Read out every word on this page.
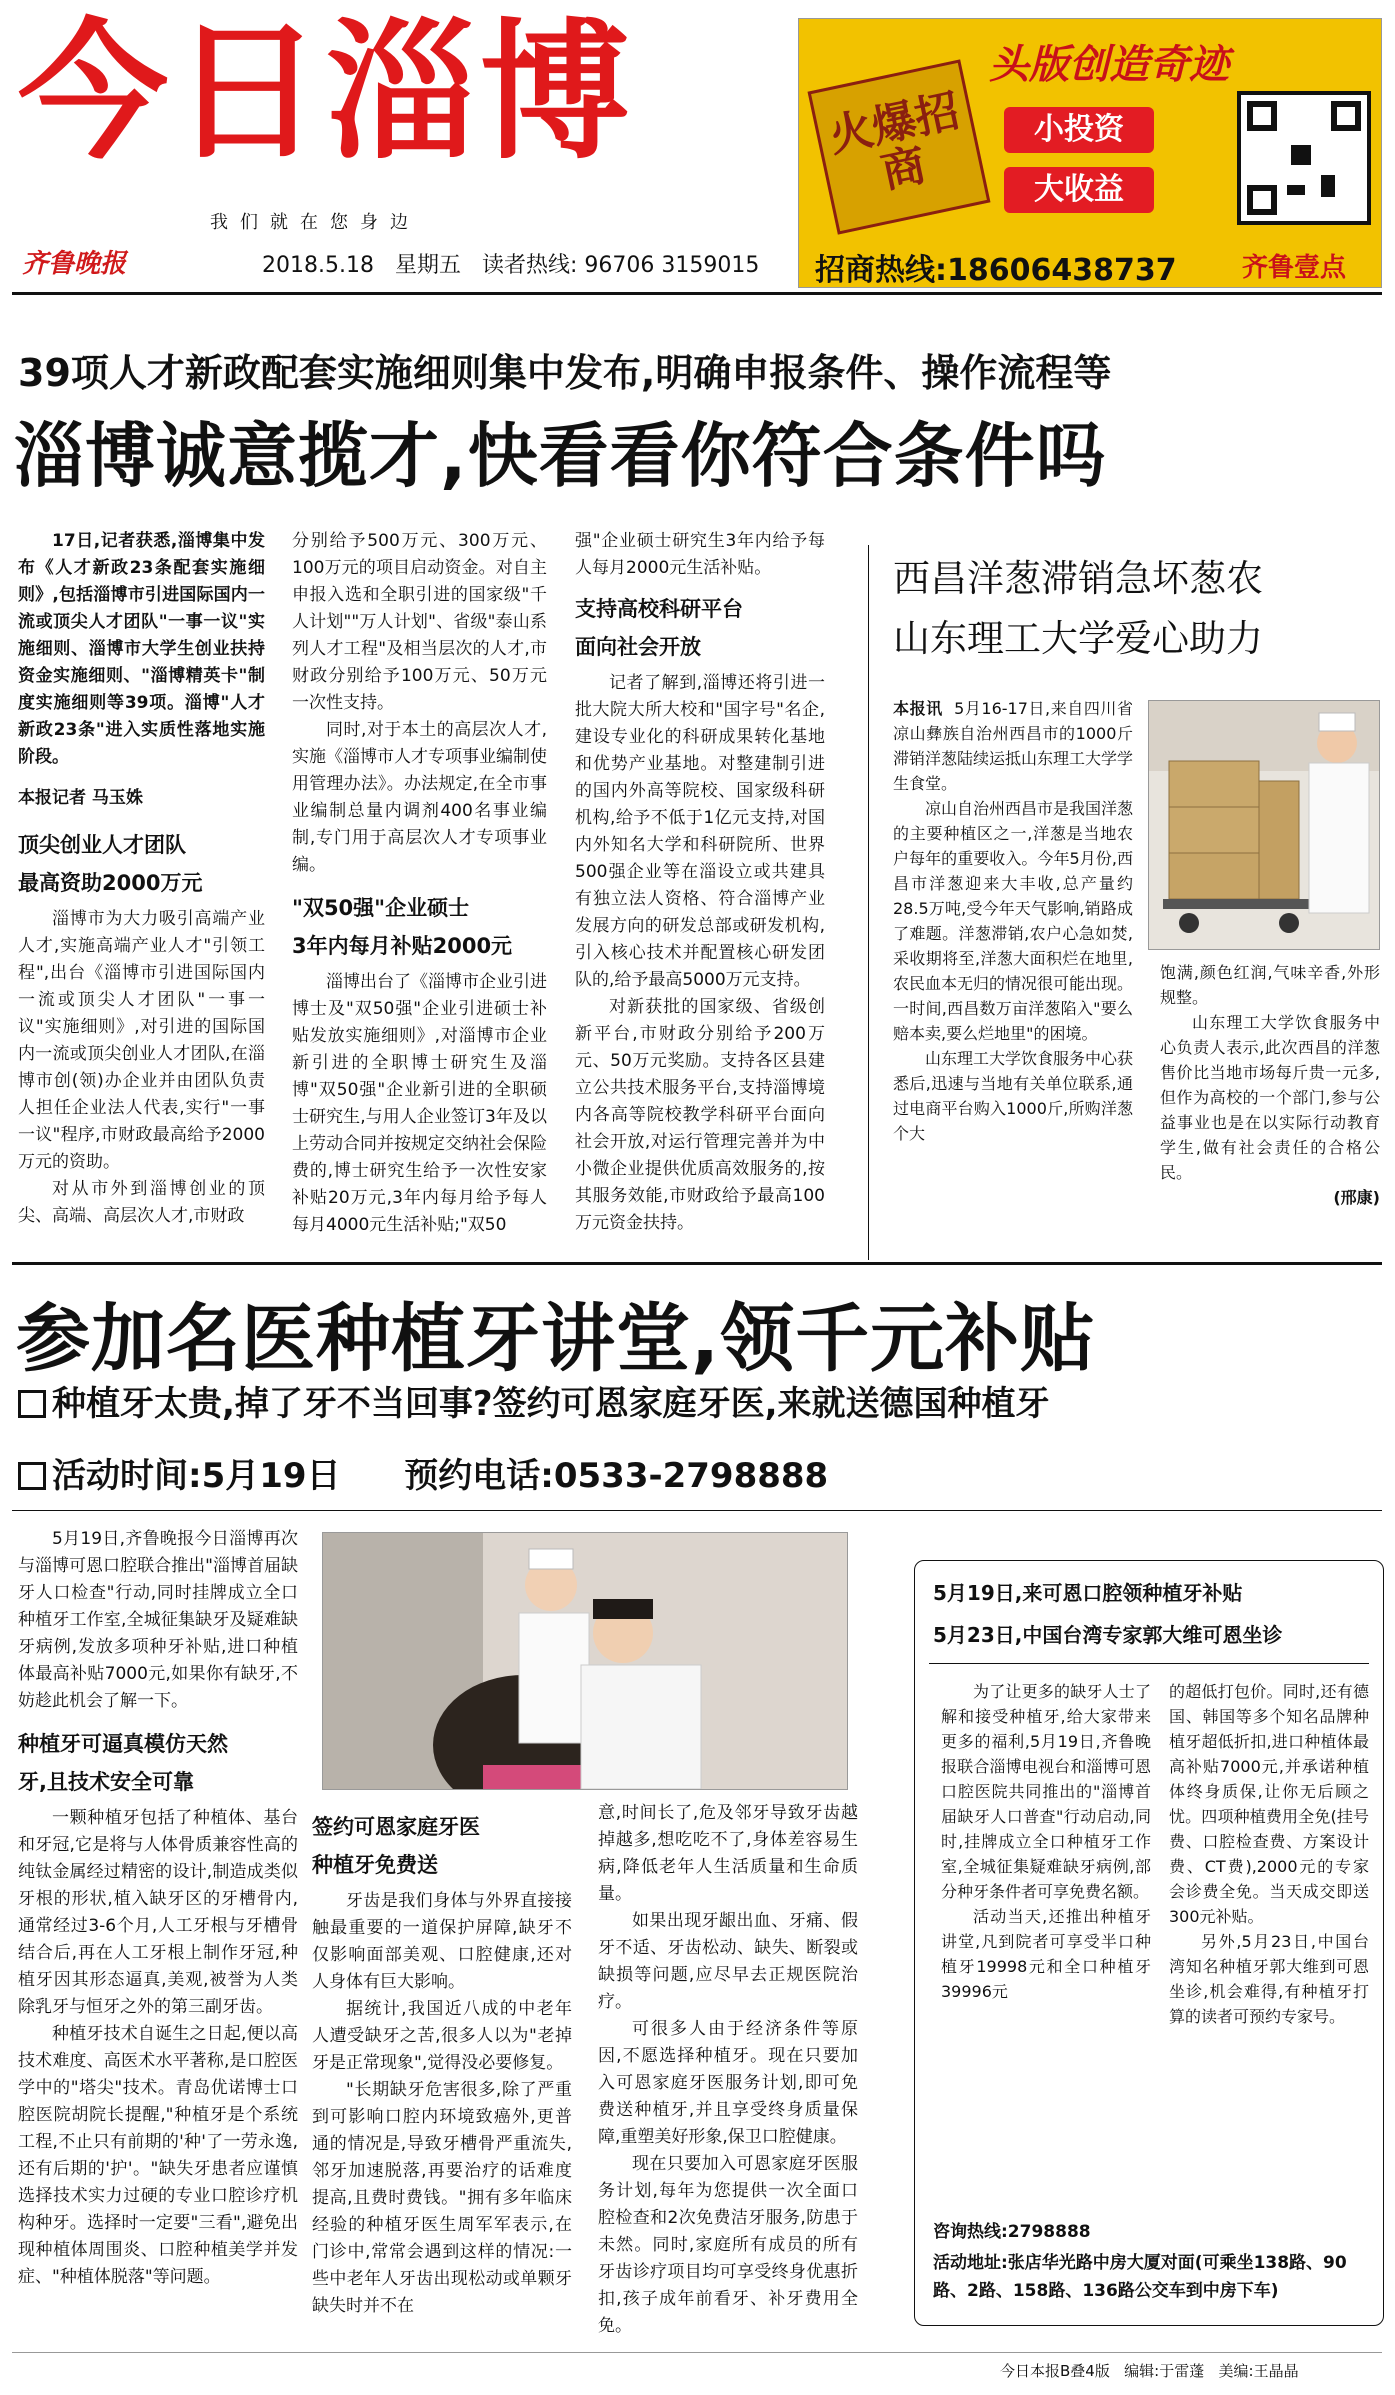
今日淄博
我们就在您身边
齐鲁晚报	2018.5.18 星期五 读者热线: 96706 3159015
头版创造奇迹
火爆招商
小投资
大收益
招商热线:18606438737	齐鲁壹点
39项人才新政配套实施细则集中发布,明确申报条件、操作流程等
淄博诚意揽才,快看看你符合条件吗

17日,记者获悉,淄博集中发布《人才新政23条配套实施细则》,包括淄博市引进国际国内一流或顶尖人才团队"一事一议"实施细则、淄博市大学生创业扶持资金实施细则、"淄博精英卡"制度实施细则等39项。淄博"人才新政23条"进入实质性落地实施阶段。

本报记者 马玉姝
顶尖创业人才团队
最高资助2000万元

淄博市为大力吸引高端产业人才,实施高端产业人才"引领工程",出台《淄博市引进国际国内一流或顶尖人才团队"一事一议"实施细则》,对引进的国际国内一流或顶尖创业人才团队,在淄博市创(领)办企业并由团队负责人担任企业法人代表,实行"一事一议"程序,市财政最高给予2000万元的资助。

对从市外到淄博创业的顶尖、高端、高层次人才,市财政

分别给予500万元、300万元、100万元的项目启动资金。对自主申报入选和全职引进的国家级"千人计划""万人计划"、省级"泰山系列人才工程"及相当层次的人才,市财政分别给予100万元、50万元一次性支持。

同时,对于本土的高层次人才,实施《淄博市人才专项事业编制使用管理办法》。办法规定,在全市事业编制总量内调剂400名事业编制,专门用于高层次人才专项事业编。

"双50强"企业硕士
3年内每月补贴2000元

淄博出台了《淄博市企业引进博士及"双50强"企业引进硕士补贴发放实施细则》,对淄博市企业新引进的全职博士研究生及淄博"双50强"企业新引进的全职硕士研究生,与用人企业签订3年及以上劳动合同并按规定交纳社会保险费的,博士研究生给予一次性安家补贴20万元,3年内每月给予每人每月4000元生活补贴;"双50

强"企业硕士研究生3年内给予每人每月2000元生活补贴。

支持高校科研平台
面向社会开放

记者了解到,淄博还将引进一批大院大所大校和"国字号"名企,建设专业化的科研成果转化基地和优势产业基地。对整建制引进的国内外高等院校、国家级科研机构,给予不低于1亿元支持,对国内外知名大学和科研院所、世界500强企业等在淄设立或共建具有独立法人资格、符合淄博产业发展方向的研发总部或研发机构,引入核心技术并配置核心研发团队的,给予最高5000万元支持。

对新获批的国家级、省级创新平台,市财政分别给予200万元、50万元奖励。支持各区县建立公共技术服务平台,支持淄博境内各高等院校教学科研平台面向社会开放,对运行管理完善并为中小微企业提供优质高效服务的,按其服务效能,市财政给予最高100万元资金扶持。

西昌洋葱滞销急坏葱农
山东理工大学爱心助力

本报讯 5月16-17日,来自四川省凉山彝族自治州西昌市的1000斤滞销洋葱陆续运抵山东理工大学学生食堂。

凉山自治州西昌市是我国洋葱的主要种植区之一,洋葱是当地农户每年的重要收入。今年5月份,西昌市洋葱迎来大丰收,总产量约28.5万吨,受今年天气影响,销路成了难题。洋葱滞销,农户心急如焚,采收期将至,洋葱大面积烂在地里,农民血本无归的情况很可能出现。一时间,西昌数万亩洋葱陷入"要么赔本卖,要么烂地里"的困境。

山东理工大学饮食服务中心获悉后,迅速与当地有关单位联系,通过电商平台购入1000斤,所购洋葱个大

饱满,颜色红润,气味辛香,外形规整。

山东理工大学饮食服务中心负责人表示,此次西昌的洋葱售价比当地市场每斤贵一元多,但作为高校的一个部门,参与公益事业也是在以实际行动教育学生,做有社会责任的合格公民。

(邢康)
参加名医种植牙讲堂,领千元补贴
种植牙太贵,掉了牙不当回事?签约可恩家庭牙医,来就送德国种植牙
活动时间:5月19日 预约电话:0533-2798888

5月19日,齐鲁晚报今日淄博再次与淄博可恩口腔联合推出"淄博首届缺牙人口检查"行动,同时挂牌成立全口种植牙工作室,全城征集缺牙及疑难缺牙病例,发放多项种牙补贴,进口种植体最高补贴7000元,如果你有缺牙,不妨趁此机会了解一下。

种植牙可逼真模仿天然
牙,且技术安全可靠

一颗种植牙包括了种植体、基台和牙冠,它是将与人体骨质兼容性高的纯钛金属经过精密的设计,制造成类似牙根的形状,植入缺牙区的牙槽骨内,通常经过3-6个月,人工牙根与牙槽骨结合后,再在人工牙根上制作牙冠,种植牙因其形态逼真,美观,被誉为人类除乳牙与恒牙之外的第三副牙齿。

种植牙技术自诞生之日起,便以高技术难度、高医术水平著称,是口腔医学中的"塔尖"技术。青岛优诺博士口腔医院胡院长提醒,"种植牙是个系统工程,不止只有前期的'种'了一劳永逸,还有后期的'护'。"缺失牙患者应谨慎选择技术实力过硬的专业口腔诊疗机构种牙。选择时一定要"三看",避免出现种植体周围炎、口腔种植美学并发症、"种植体脱落"等问题。

签约可恩家庭牙医
种植牙免费送

牙齿是我们身体与外界直接接触最重要的一道保护屏障,缺牙不仅影响面部美观、口腔健康,还对人身体有巨大影响。

据统计,我国近八成的中老年人遭受缺牙之苦,很多人以为"老掉牙是正常现象",觉得没必要修复。

"长期缺牙危害很多,除了严重到可影响口腔内环境致癌外,更普通的情况是,导致牙槽骨严重流失,邻牙加速脱落,再要治疗的话难度提高,且费时费钱。"拥有多年临床经验的种植牙医生周军军表示,在门诊中,常常会遇到这样的情况:一些中老年人牙齿出现松动或单颗牙缺失时并不在

意,时间长了,危及邻牙导致牙齿越掉越多,想吃吃不了,身体差容易生病,降低老年人生活质量和生命质量。

如果出现牙龈出血、牙痛、假牙不适、牙齿松动、缺失、断裂或缺损等问题,应尽早去正规医院治疗。

可很多人由于经济条件等原因,不愿选择种植牙。现在只要加入可恩家庭牙医服务计划,即可免费送种植牙,并且享受终身质量保障,重塑美好形象,保卫口腔健康。

现在只要加入可恩家庭牙医服务计划,每年为您提供一次全面口腔检查和2次免费洁牙服务,防患于未然。同时,家庭所有成员的所有牙齿诊疗项目均可享受终身优惠折扣,孩子成年前看牙、补牙费用全免。

5月19日,来可恩口腔领种植牙补贴
5月23日,中国台湾专家郭大维可恩坐诊

为了让更多的缺牙人士了解和接受种植牙,给大家带来更多的福利,5月19日,齐鲁晚报联合淄博电视台和淄博可恩口腔医院共同推出的"淄博首届缺牙人口普查"行动启动,同时,挂牌成立全口种植牙工作室,全城征集疑难缺牙病例,部分种牙条件者可享免费名额。

活动当天,还推出种植牙讲堂,凡到院者可享受半口种植牙19998元和全口种植牙39996元

的超低打包价。同时,还有德国、韩国等多个知名品牌种植牙超低折扣,进口种植体最高补贴7000元,并承诺种植体终身质保,让你无后顾之忧。四项种植费用全免(挂号费、口腔检查费、方案设计费、CT费),2000元的专家会诊费全免。当天成交即送300元补贴。

另外,5月23日,中国台湾知名种植牙郭大维到可恩坐诊,机会难得,有种植牙打算的读者可预约专家号。

咨询热线:2798888
活动地址:张店华光路中房大厦对面(可乘坐138路、90路、2路、158路、136路公交车到中房下车)
今日本报B叠4版 编辑:于雷蓬 美编:王晶晶
